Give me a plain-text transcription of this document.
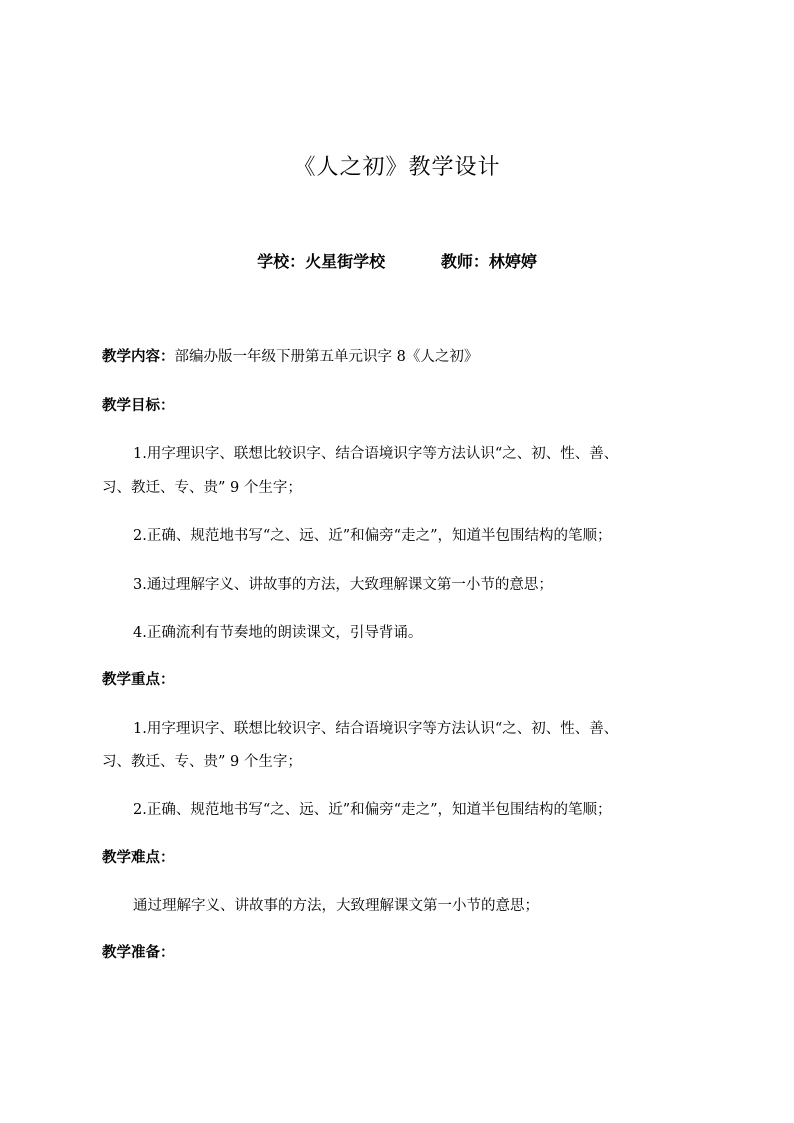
《人之初》教学设计
学校：火星街学校	教师：林婷婷
教学内容：部编办版一年级下册第五单元识字 8《人之初》
教学目标：
1.用字理识字、联想比较识字、结合语境识字等方法认识“之、初、性、善、
习、教迁、专、贵” 9 个生字；
2.正确、规范地书写“之、远、近”和偏旁“走之”，知道半包围结构的笔顺；
3.通过理解字义、讲故事的方法，大致理解课文第一小节的意思；
4.正确流利有节奏地的朗读课文，引导背诵。
教学重点：
1.用字理识字、联想比较识字、结合语境识字等方法认识“之、初、性、善、
习、教迁、专、贵” 9 个生字；
2.正确、规范地书写“之、远、近”和偏旁“走之”，知道半包围结构的笔顺；
教学难点：
通过理解字义、讲故事的方法，大致理解课文第一小节的意思；
教学准备：
